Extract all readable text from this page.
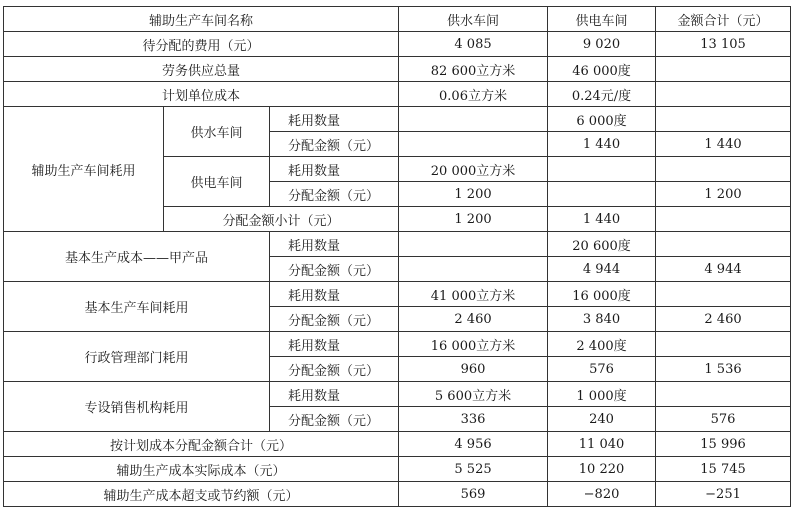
辅助生产车间名称			供水车间	供电车间	金额合计（元）
待分配的费用（元）			4 085	9 020	13 105
劳务供应总量			82 600立方米	46 000度	
计划单位成本			0.06立方米	0.24元/度	
辅助生产车间耗用	供水车间	耗用数量		6 000度	
		分配金额（元）		1 440	1 440
	供电车间	耗用数量	20 000立方米		
		分配金额（元）	1 200		1 200
	分配金额小计（元）		1 200	1 440	
基本生产成本——甲产品		耗用数量		20 600度	
		分配金额（元）		4 944	4 944
基本生产车间耗用		耗用数量	41 000立方米	16 000度	
		分配金额（元）	2 460	3 840	2 460
行政管理部门耗用		耗用数量	16 000立方米	2 400度	
		分配金额（元）	960	576	1 536
专设销售机构耗用		耗用数量	5 600立方米	1 000度	
		分配金额（元）	336	240	576
按计划成本分配金额合计（元）			4 956	11 040	15 996
辅助生产成本实际成本（元）			5 525	10 220	15 745
辅助生产成本超支或节约额（元）			569	−820	−251
